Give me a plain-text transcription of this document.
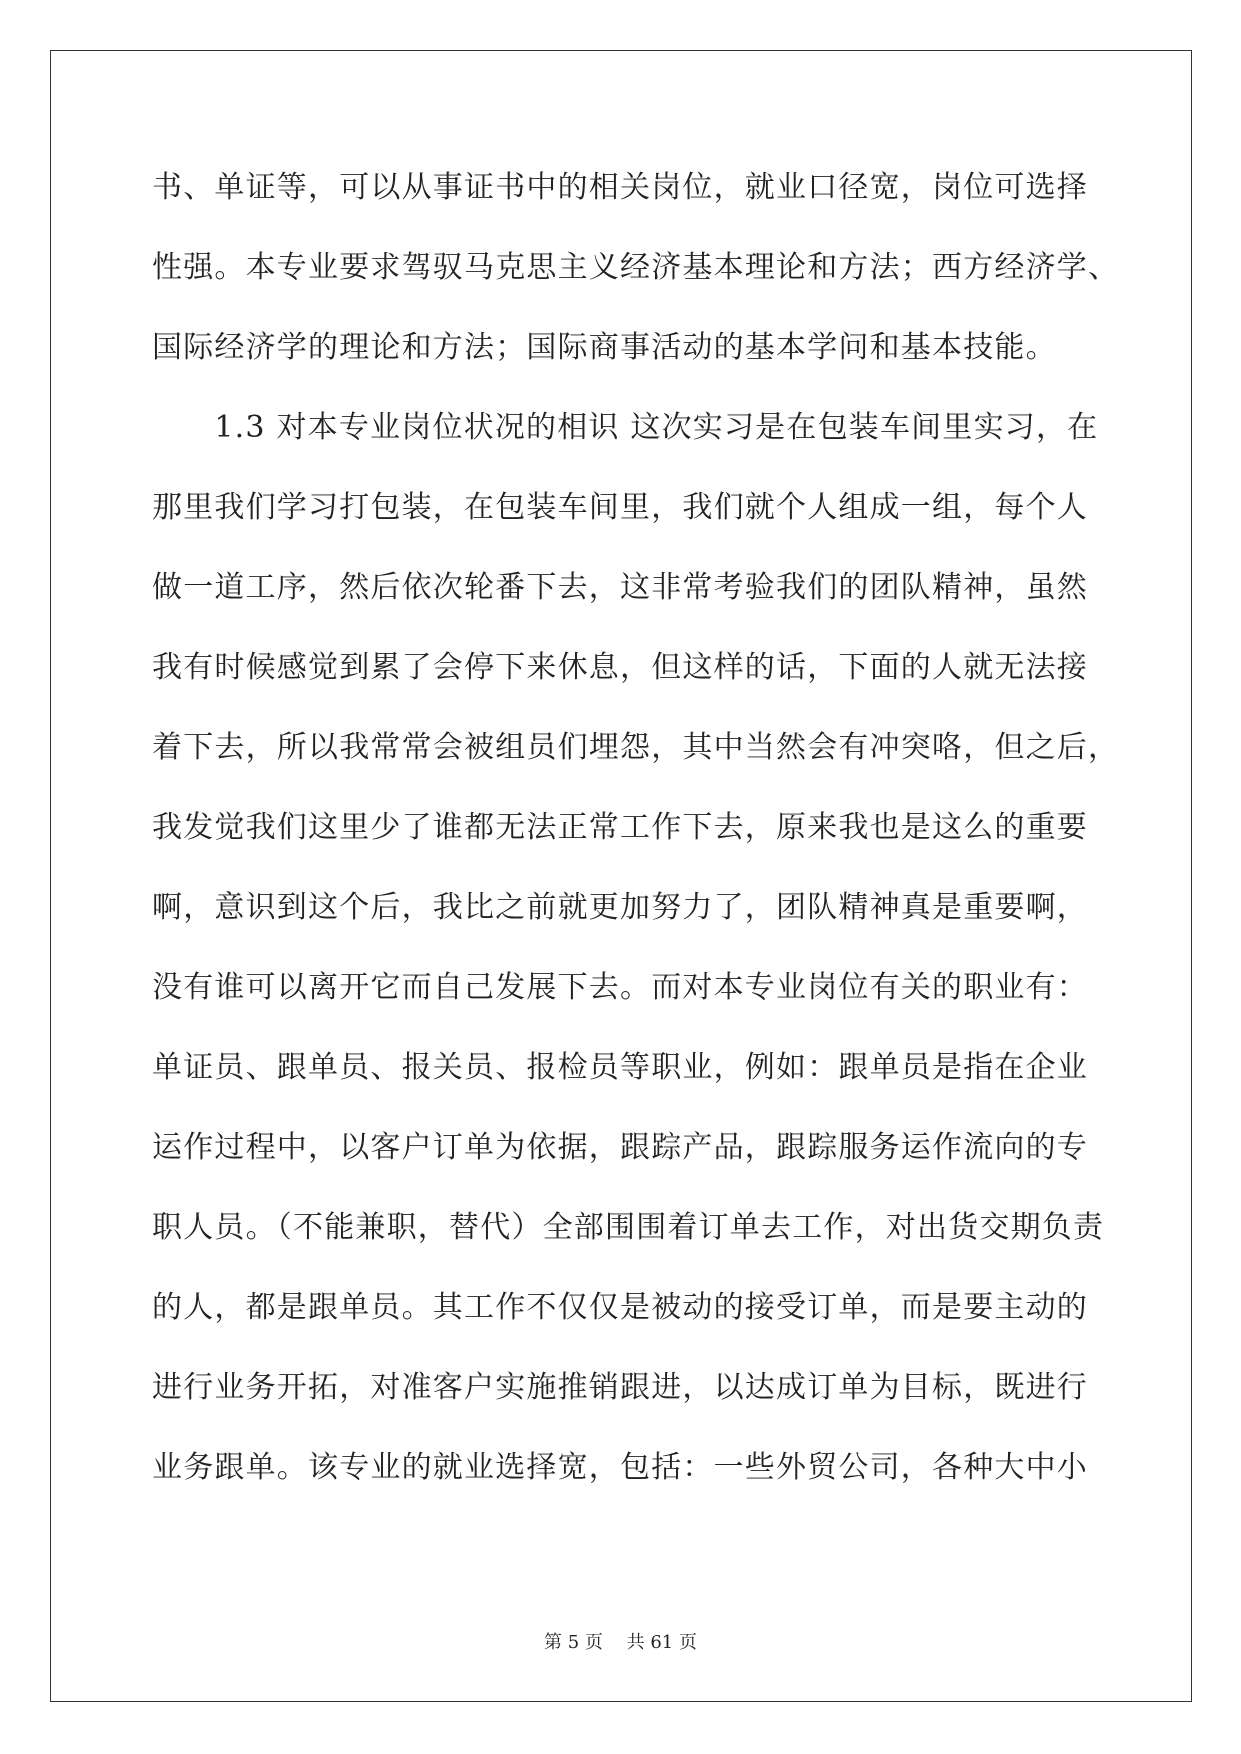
书、单证等，可以从事证书中的相关岗位，就业口径宽，岗位可选择
性强。本专业要求驾驭马克思主义经济基本理论和方法；西方经济学、
国际经济学的理论和方法；国际商事活动的基本学问和基本技能。
　　1.3 对本专业岗位状况的相识 这次实习是在包装车间里实习，在
那里我们学习打包装，在包装车间里，我们就个人组成一组，每个人
做一道工序，然后依次轮番下去，这非常考验我们的团队精神，虽然
我有时候感觉到累了会停下来休息，但这样的话，下面的人就无法接
着下去，所以我常常会被组员们埋怨，其中当然会有冲突咯，但之后，
我发觉我们这里少了谁都无法正常工作下去，原来我也是这么的重要
啊，意识到这个后，我比之前就更加努力了，团队精神真是重要啊，
没有谁可以离开它而自己发展下去。而对本专业岗位有关的职业有：
单证员、跟单员、报关员、报检员等职业，例如：跟单员是指在企业
运作过程中，以客户订单为依据，跟踪产品，跟踪服务运作流向的专
职人员。（不能兼职，替代）全部围围着订单去工作，对出货交期负责
的人，都是跟单员。其工作不仅仅是被动的接受订单，而是要主动的
进行业务开拓，对准客户实施推销跟进，以达成订单为目标，既进行
业务跟单。该专业的就业选择宽，包括：一些外贸公司，各种大中小
第 5 页　 共 61 页
